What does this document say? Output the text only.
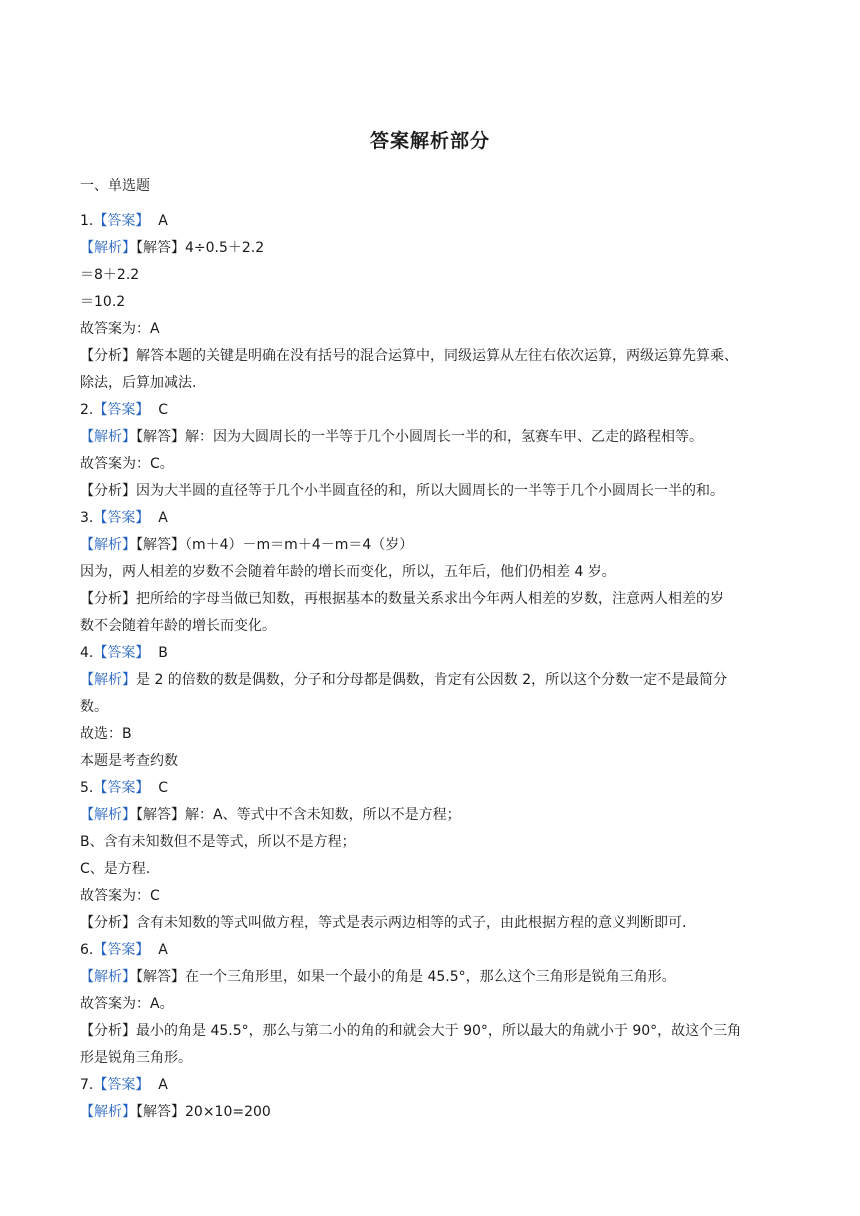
答案解析部分
一、单选题
1.【答案】 A
【解析】【解答】4÷0.5＋2.2
＝8＋2.2
＝10.2
故答案为：A
【分析】解答本题的关键是明确在没有括号的混合运算中，同级运算从左往右依次运算，两级运算先算乘、
除法，后算加减法.
2.【答案】 C
【解析】【解答】解：因为大圆周长的一半等于几个小圆周长一半的和，氢赛车甲、乙走的路程相等。
故答案为：C。
【分析】因为大半圆的直径等于几个小半圆直径的和，所以大圆周长的一半等于几个小圆周长一半的和。
3.【答案】 A
【解析】【解答】（m＋4）－m＝m＋4－m＝4（岁）
因为，两人相差的岁数不会随着年龄的增长而变化，所以，五年后，他们仍相差 4 岁。
【分析】把所给的字母当做已知数，再根据基本的数量关系求出今年两人相差的岁数，注意两人相差的岁
数不会随着年龄的增长而变化。
4.【答案】 B
【解析】是 2 的倍数的数是偶数，分子和分母都是偶数，肯定有公因数 2，所以这个分数一定不是最简分
数。
故选：B
本题是考查约数
5.【答案】 C
【解析】【解答】解：A、等式中不含未知数，所以不是方程；
B、含有未知数但不是等式，所以不是方程；
C、是方程.
故答案为：C
【分析】含有未知数的等式叫做方程，等式是表示两边相等的式子，由此根据方程的意义判断即可.
6.【答案】 A
【解析】【解答】在一个三角形里，如果一个最小的角是 45.5°，那么这个三角形是锐角三角形。
故答案为：A。
【分析】最小的角是 45.5°，那么与第二小的角的和就会大于 90°，所以最大的角就小于 90°，故这个三角
形是锐角三角形。
7.【答案】 A
【解析】【解答】20×10=200
